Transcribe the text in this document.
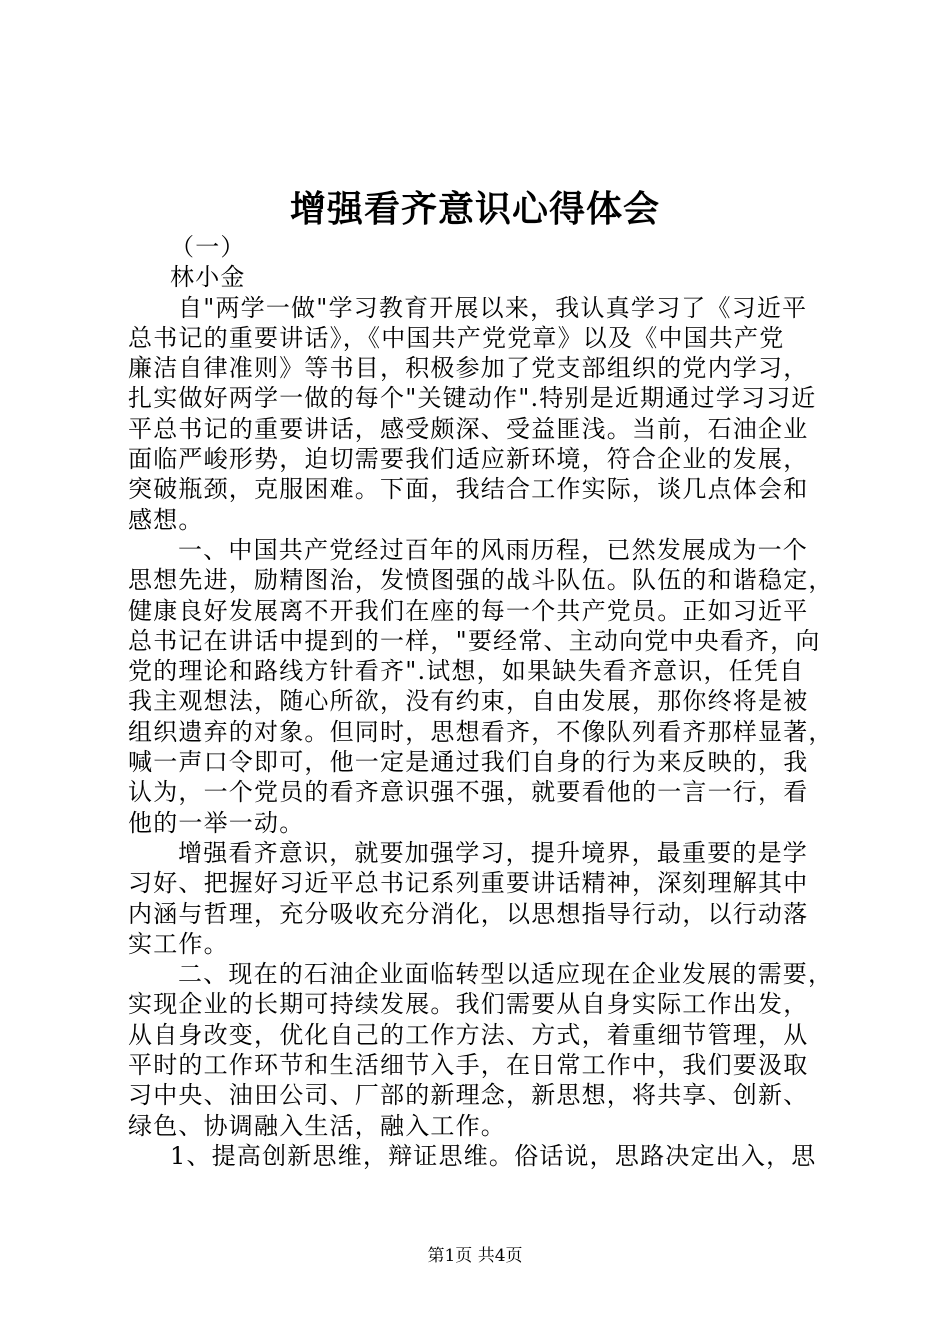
增强看齐意识心得体会
（一）
林小金
自"两学一做"学习教育开展以来，我认真学习了《习近平
总书记的重要讲话》，《中国共产党党章》以及《中国共产党
廉洁自律准则》等书目，积极参加了党支部组织的党内学习，
扎实做好两学一做的每个"关键动作".特别是近期通过学习习近
平总书记的重要讲话，感受颇深、受益匪浅。当前，石油企业
面临严峻形势，迫切需要我们适应新环境，符合企业的发展，
突破瓶颈，克服困难。下面，我结合工作实际，谈几点体会和
感想。
一、中国共产党经过百年的风雨历程，已然发展成为一个
思想先进，励精图治，发愤图强的战斗队伍。队伍的和谐稳定，
健康良好发展离不开我们在座的每一个共产党员。正如习近平
总书记在讲话中提到的一样，"要经常、主动向党中央看齐，向
党的理论和路线方针看齐".试想，如果缺失看齐意识，任凭自
我主观想法，随心所欲，没有约束，自由发展，那你终将是被
组织遗弃的对象。但同时，思想看齐，不像队列看齐那样显著，
喊一声口令即可，他一定是通过我们自身的行为来反映的，我
认为，一个党员的看齐意识强不强，就要看他的一言一行，看
他的一举一动。
增强看齐意识，就要加强学习，提升境界，最重要的是学
习好、把握好习近平总书记系列重要讲话精神，深刻理解其中
内涵与哲理，充分吸收充分消化，以思想指导行动，以行动落
实工作。
二、现在的石油企业面临转型以适应现在企业发展的需要，
实现企业的长期可持续发展。我们需要从自身实际工作出发，
从自身改变，优化自己的工作方法、方式，着重细节管理，从
平时的工作环节和生活细节入手，在日常工作中，我们要汲取
习中央、油田公司、厂部的新理念，新思想，将共享、创新、
绿色、协调融入生活，融入工作。
1、提高创新思维，辩证思维。俗话说，思路决定出入，思
第1页 共4页
